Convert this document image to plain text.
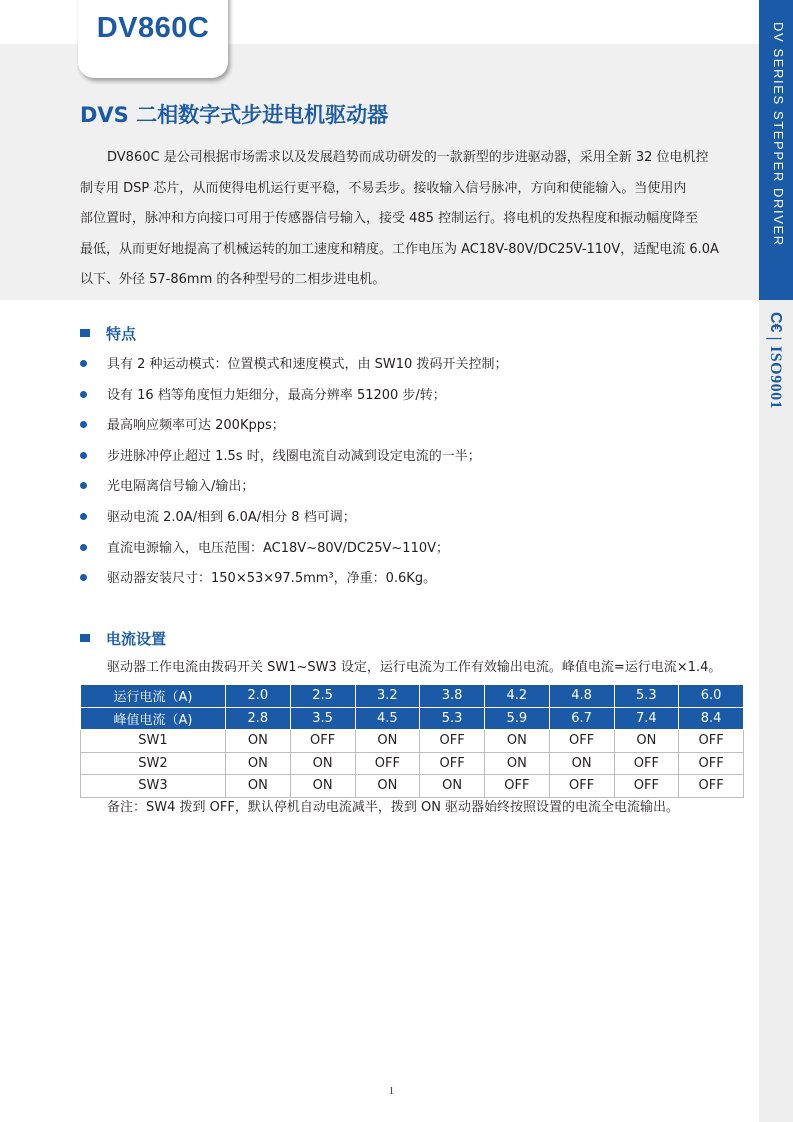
DV860C
DVS 二相数字式步进电机驱动器
DV860C 是公司根据市场需求以及发展趋势而成功研发的一款新型的步进驱动器，采用全新 32 位电机控
制专用 DSP 芯片，从而使得电机运行更平稳，不易丢步。接收输入信号脉冲，方向和使能输入。当使用内
部位置时，脉冲和方向接口可用于传感器信号输入，接受 485 控制运行。将电机的发热程度和振动幅度降至
最低，从而更好地提高了机械运转的加工速度和精度。工作电压为 AC18V-80V/DC25V-110V，适配电流 6.0A
以下、外径 57-86mm 的各种型号的二相步进电机。
DV SERIES STEPPER DRIVER
C€
|
ISO9001
特点
具有 2 种运动模式：位置模式和速度模式，由 SW10 拨码开关控制；
设有 16 档等角度恒力矩细分，最高分辨率 51200 步/转；
最高响应频率可达 200Kpps；
步进脉冲停止超过 1.5s 时，线圈电流自动减到设定电流的一半；
光电隔离信号输入/输出；
驱动电流 2.0A/相到 6.0A/相分 8 档可调；
直流电源输入，电压范围：AC18V~80V/DC25V~110V；
驱动器安装尺寸：150×53×97.5mm³，净重：0.6Kg。
电流设置
驱动器工作电流由拨码开关 SW1~SW3 设定，运行电流为工作有效输出电流。峰值电流=运行电流×1.4。
运行电流（A)	2.0	2.5	3.2	3.8	4.2	4.8	5.3	6.0
峰值电流（A)	2.8	3.5	4.5	5.3	5.9	6.7	7.4	8.4
SW1	ON	OFF	ON	OFF	ON	OFF	ON	OFF
SW2	ON	ON	OFF	OFF	ON	ON	OFF	OFF
SW3	ON	ON	ON	ON	OFF	OFF	OFF	OFF
备注：SW4 拨到 OFF，默认停机自动电流减半，拨到 ON 驱动器始终按照设置的电流全电流输出。
1
